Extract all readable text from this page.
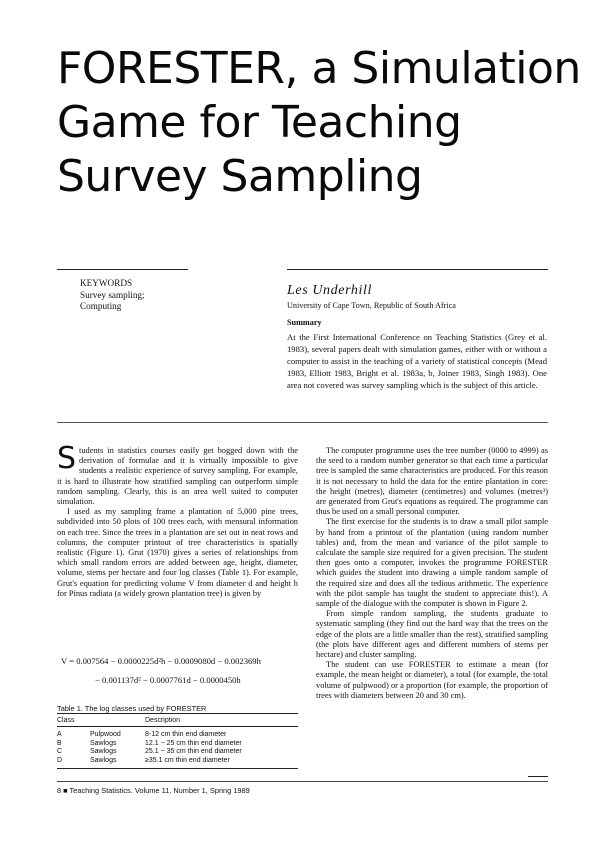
FORESTER, a Simulation
Game for Teaching
Survey Sampling
KEYWORDS
Survey sampling;
Computing
Les Underhill
University of Cape Town, Republic of South Africa
Summary
At the First International Conference on Teaching Statistics (Grey et al. 1983), several papers dealt with simulation games, either with or without a computer to assist in the teaching of a variety of statistical concepts (Mead 1983, Elliott 1983, Bright et al. 1983a, b, Joiner 1983, Singh 1983). One area not covered was survey sampling which is the subject of this article.

Students in statistics courses easily get bogged down with the derivation of formulae and it is virtually impossible to give students a realistic experience of survey sampling. For example, it is hard to illustrate how stratified sampling can outperform simple random sampling. Clearly, this is an area well suited to computer simulation.

I used as my sampling frame a plantation of 5,000 pine trees, subdivided into 50 plots of 100 trees each, with mensural information on each tree. Since the trees in a plantation are set out in neat rows and columns, the computer printout of tree characteristics is spatially realistic (Figure 1). Grut (1970) gives a series of relationships from which small random errors are added between age, height, diameter, volume, stems per hectare and four log classes (Table 1). For example, Grut's equation for predicting volume V from diameter d and height h for Pinus radiata (a widely grown plantation tree) is given by

V = 0.007564 − 0.0000225d²h − 0.0009080d − 0.002369h
− 0.001137d² − 0.0007761d − 0.0000450h
Table 1. The log classes used by FORESTER
Class		Description
A	Pulpwood	8-12 cm thin end diameter
B	Sawlogs	12.1 − 25 cm thin end diameter
C	Sawlogs	25.1 − 35 cm thin end diameter
D	Sawlogs	≥35.1 cm thin end diameter

The computer programme uses the tree number (0000 to 4999) as the seed to a random number generator so that each time a particular tree is sampled the same characteristics are produced. For this reason it is not necessary to hold the data for the entire plantation in core: the height (metres), diameter (centimetres) and volumes (metres³) are generated from Grut's equations as required. The programme can thus be used on a small personal computer.

The first exercise for the students is to draw a small pilot sample by hand from a printout of the plantation (using random number tables) and, from the mean and variance of the pilot sample to calculate the sample size required for a given precision. The student then goes onto a computer, invokes the programme FORESTER which guides the student into drawing a simple random sample of the required size and does all the tedious arithmetic. The experience with the pilot sample has taught the student to appreciate this!). A sample of the dialogue with the computer is shown in Figure 2.

From simple random sampling, the students graduate to systematic sampling (they find out the hard way that the trees on the edge of the plots are a little smaller than the rest), stratified sampling (the plots have different ages and different numbers of stems per hectare) and cluster sampling.

The student can use FORESTER to estimate a mean (for example, the mean height or diameter), a total (for example, the total volume of pulpwood) or a proportion (for example, the proportion of trees with diameters between 20 and 30 cm).

8 ■ Teaching Statistics. Volume 11, Number 1, Spring 1989
